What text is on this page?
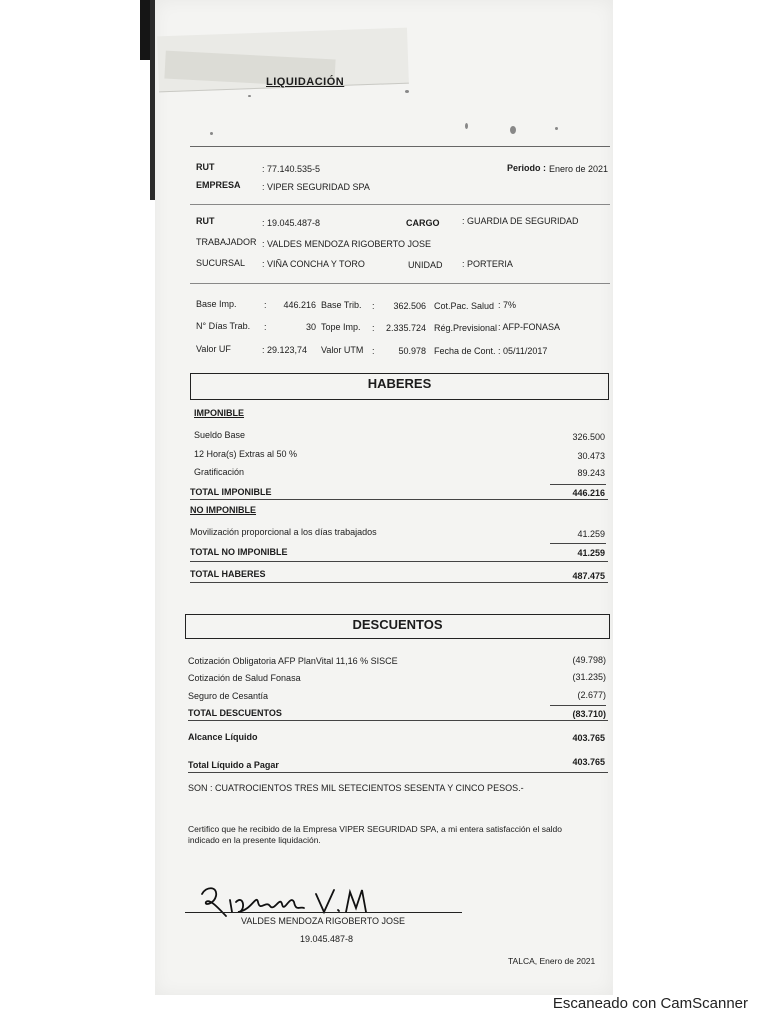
LIQUIDACIÓN
RUT	: 77.140.535-5	Periodo : Enero de 2021
EMPRESA : VIPER SEGURIDAD SPA
RUT	: 19.045.487-8	CARGO	: GUARDIA DE SEGURIDAD
TRABAJADOR : VALDES MENDOZA RIGOBERTO JOSE
SUCURSAL : VIÑA CONCHA Y TORO	UNIDAD : PORTERIA
Base Imp.	:	446.216 Base Trib. :	362.506 Cot.Pac. Salud : 7%
N° Días Trab. :	30 Tope Imp. :	2.335.724 Rég.Previsional : AFP-FONASA
Valor UF	: 29.123,74 Valor UTM :	50.978 Fecha de Cont. : 05/11/2017
HABERES
IMPONIBLE
Sueldo Base	326.500
12 Hora(s) Extras al 50 %	30.473
Gratificación	89.243
TOTAL IMPONIBLE	446.216
NO IMPONIBLE
Movilización proporcional a los días trabajados	41.259
TOTAL NO IMPONIBLE	41.259
TOTAL HABERES	487.475
DESCUENTOS
Cotización Obligatoria AFP PlanVital 11,16 % SISCE	(49.798)
Cotización de Salud Fonasa	(31.235)
Seguro de Cesantía	(2.677)
TOTAL DESCUENTOS	(83.710)
Alcance Líquido	403.765
Total Líquido a Pagar	403.765
SON : CUATROCIENTOS TRES MIL SETECIENTOS SESENTA Y CINCO PESOS.-
Certifico que he recibido de la Empresa VIPER SEGURIDAD SPA, a mi entera satisfacción el saldo
indicado en la presente liquidación.
VALDES MENDOZA RIGOBERTO JOSE
19.045.487-8
TALCA, Enero de 2021
Escaneado con CamScanner
